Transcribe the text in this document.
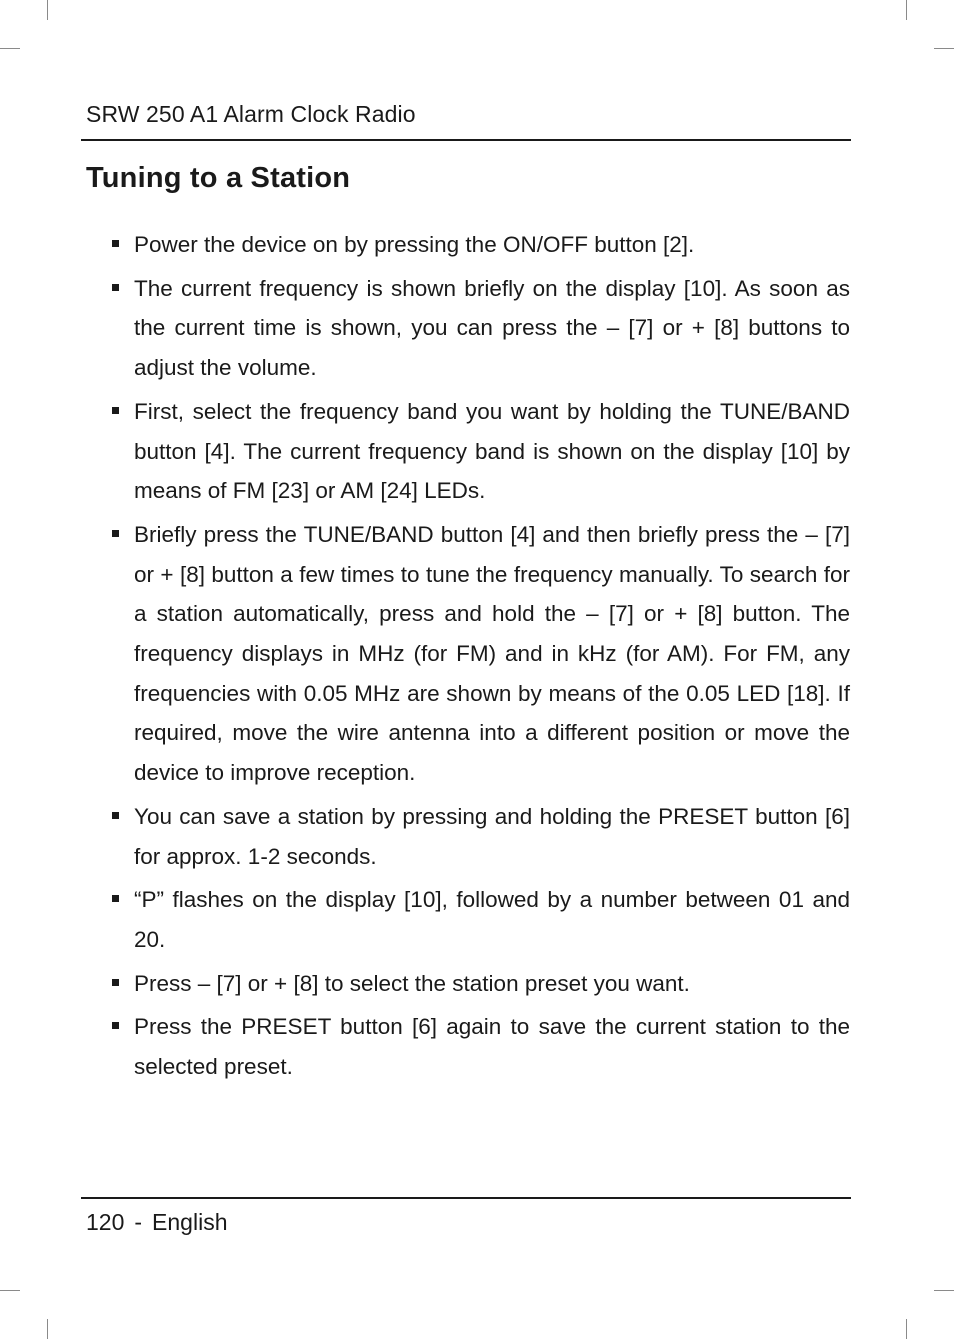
SRW 250 A1 Alarm Clock Radio
Tuning to a Station
Power the device on by pressing the ON/OFF button [2].
The current frequency is shown briefly on the display [10]. As soon as the current time is shown, you can press the – [7] or + [8] buttons to adjust the volume.
First, select the frequency band you want by holding the TUNE/BAND button [4]. The current frequency band is shown on the display [10] by means of FM [23] or AM [24] LEDs.
Briefly press the TUNE/BAND button [4] and then briefly press the – [7] or + [8] button a few times to tune the frequency manually. To search for a station automatically, press and hold the – [7] or + [8] button. The frequency displays in MHz (for FM) and in kHz (for AM). For FM, any frequencies with 0.05 MHz are shown by means of the 0.05 LED [18]. If required, move the wire antenna into a different position or move the device to improve reception.
You can save a station by pressing and holding the PRESET button [6] for approx. 1-2 seconds.
“P” flashes on the display [10], followed by a number between 01 and 20.
Press – [7] or + [8] to select the station preset you want.
Press the PRESET button [6] again to save the current station to the selected preset.
120 - English
